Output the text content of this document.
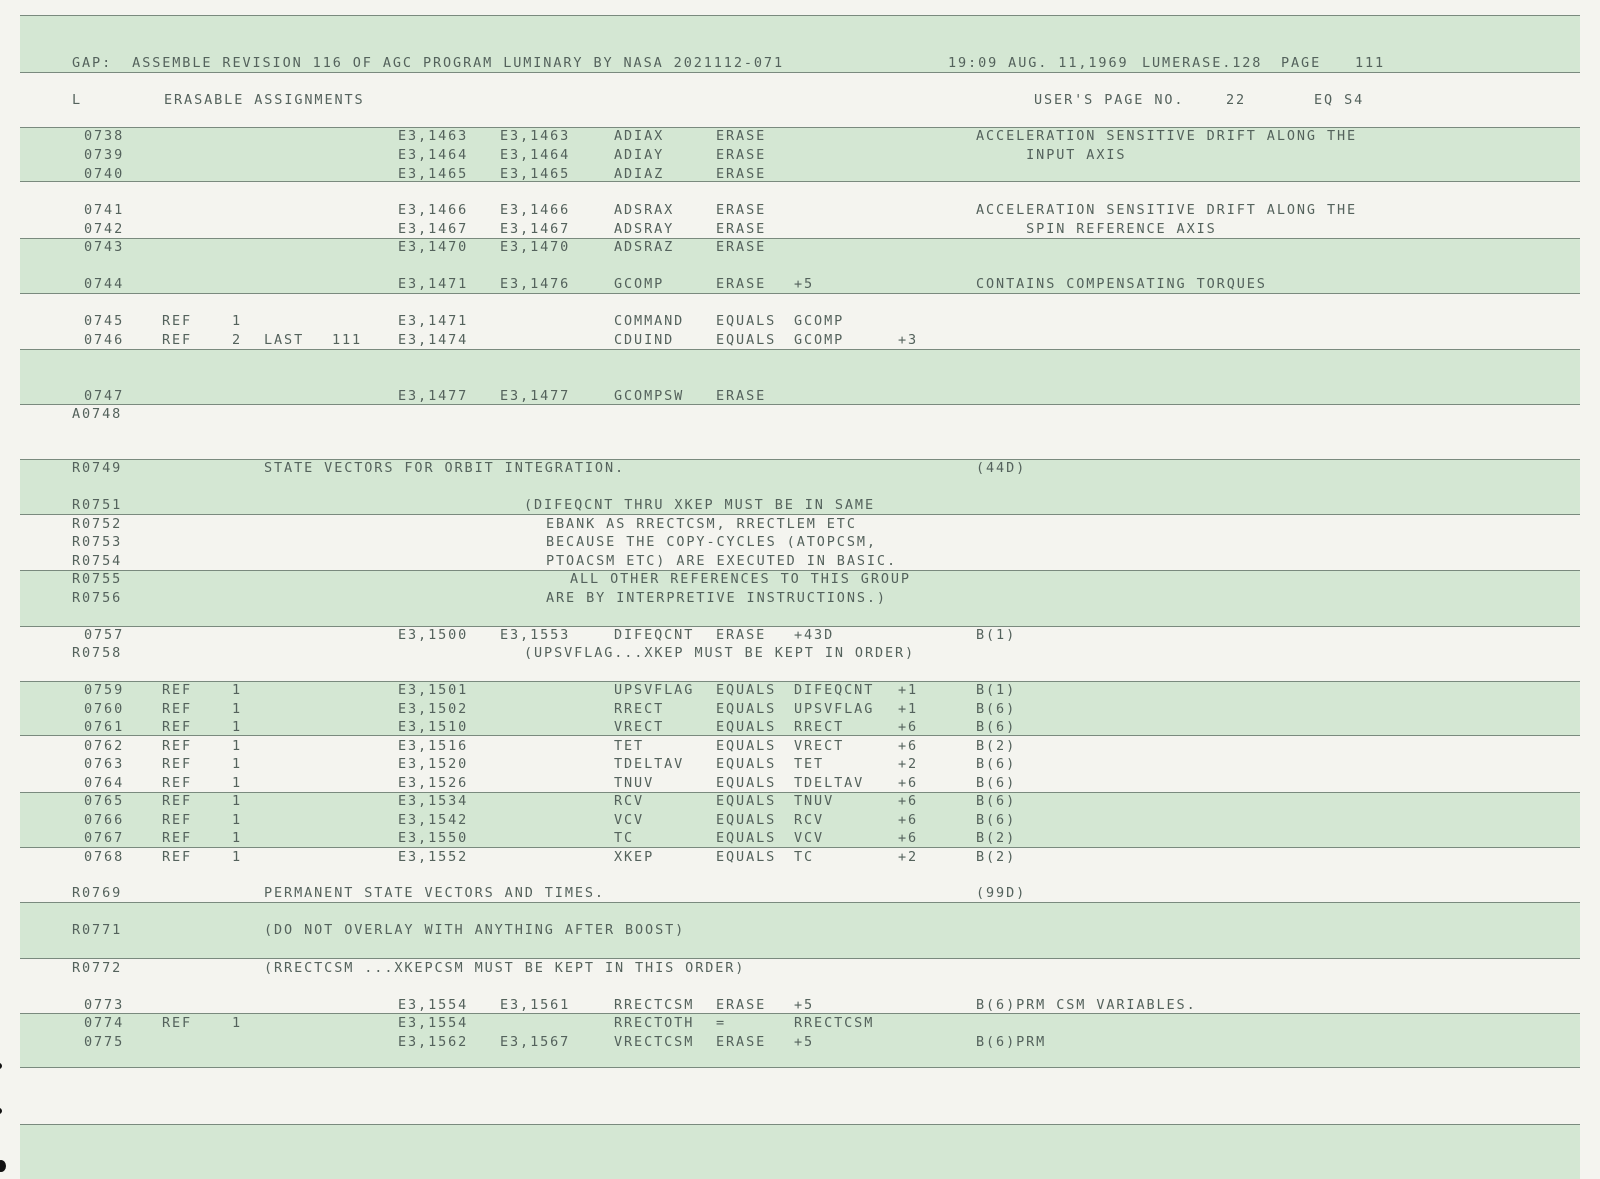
GAP:  ASSEMBLE REVISION 116 OF AGC PROGRAM LUMINARY BY NASA 2021112-071	19:09 AUG. 11,1969 LUMERASE.128 PAGE	111
L	ERASABLE ASSIGNMENTS	USER'S PAGE NO.	22	EQ S4
0738	E3,1463 E3,1463	ADIAX	ERASE	ACCELERATION SENSITIVE DRIFT ALONG THE
0739	E3,1464 E3,1464	ADIAY	ERASE	INPUT AXIS
0740	E3,1465 E3,1465	ADIAZ	ERASE
0741	E3,1466 E3,1466	ADSRAX	ERASE	ACCELERATION SENSITIVE DRIFT ALONG THE
0742	E3,1467 E3,1467	ADSRAY	ERASE	SPIN REFERENCE AXIS
0743	E3,1470 E3,1470	ADSRAZ	ERASE
0744	E3,1471 E3,1476	GCOMP	ERASE +5	CONTAINS COMPENSATING TORQUES
0745	REF	1	E3,1471	COMMAND EQUALS GCOMP
0746	REF	2 LAST 111	E3,1474	CDUIND	EQUALS GCOMP	+3
0747	E3,1477 E3,1477	GCOMPSW ERASE
A0748
R0749	STATE VECTORS FOR ORBIT INTEGRATION.	(44D)
R0751	(DIFEQCNT THRU XKEP MUST BE IN SAME
R0752	EBANK AS RRECTCSM, RRECTLEM ETC
R0753	BECAUSE THE COPY-CYCLES (ATOPCSM,
R0754	PTOACSM ETC) ARE EXECUTED IN BASIC.
R0755	ALL OTHER REFERENCES TO THIS GROUP
R0756	ARE BY INTERPRETIVE INSTRUCTIONS.)
0757	E3,1500 E3,1553	DIFEQCNT ERASE +43D	B(1)
R0758	(UPSVFLAG...XKEP MUST BE KEPT IN ORDER)
0759	REF	1	E3,1501	UPSVFLAG EQUALS DIFEQCNT +1	B(1)
0760	REF	1	E3,1502	RRECT	EQUALS UPSVFLAG +1	B(6)
0761	REF	1	E3,1510	VRECT	EQUALS RRECT	+6	B(6)
0762	REF	1	E3,1516	TET	EQUALS VRECT	+6	B(2)
0763	REF	1	E3,1520	TDELTAV EQUALS TET	+2	B(6)
0764	REF	1	E3,1526	TNUV	EQUALS TDELTAV	+6	B(6)
0765	REF	1	E3,1534	RCV	EQUALS TNUV	+6	B(6)
0766	REF	1	E3,1542	VCV	EQUALS RCV	+6	B(6)
0767	REF	1	E3,1550	TC	EQUALS VCV	+6	B(2)
0768	REF	1	E3,1552	XKEP	EQUALS TC	+2	B(2)
R0769	PERMANENT STATE VECTORS AND TIMES.	(99D)
R0771	(DO NOT OVERLAY WITH ANYTHING AFTER BOOST)
R0772	(RRECTCSM ...XKEPCSM MUST BE KEPT IN THIS ORDER)
0773	E3,1554 E3,1561	RRECTCSM ERASE +5	B(6)PRM CSM VARIABLES.
0774	REF	1	E3,1554	RRECTOTH =	RRECTCSM
0775	E3,1562 E3,1567	VRECTCSM ERASE +5	B(6)PRM
